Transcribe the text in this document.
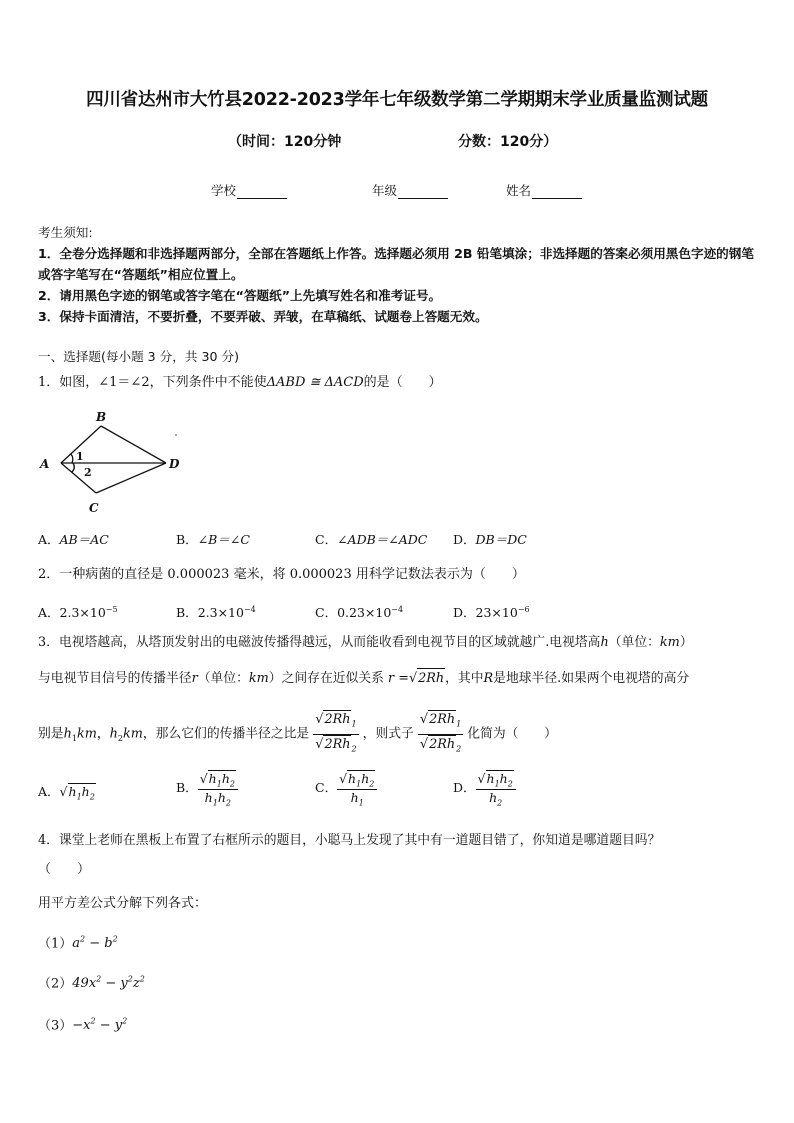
四川省达州市大竹县2022-2023学年七年级数学第二学期期末学业质量监测试题
（时间：120分钟	分数：120分）
学校	年级	姓名
考生须知:
1．全卷分选择题和非选择题两部分，全部在答题纸上作答。选择题必须用 2B 铅笔填涂；非选择题的答案必须用黑色字迹的钢笔或答字笔写在“答题纸”相应位置上。
2．请用黑色字迹的钢笔或答字笔在“答题纸”上先填写姓名和准考证号。
3．保持卡面清洁，不要折叠，不要弄破、弄皱，在草稿纸、试题卷上答题无效。
一、选择题(每小题 3 分，共 30 分)
1．如图，∠1＝∠2，下列条件中不能使ΔABD ≅ ΔACD的是（　　）
B
A	D
C
1
2
A．AB＝AC	B．∠B＝∠C	C．∠ADB＝∠ADC D．DB＝DC
2．一种病菌的直径是 0.000023 毫米，将 0.000023 用科学记数法表示为（　　）
A．$2.3\times 10^{-5}$	B．$2.3\times 10^{-4}$	C．$0.23\times 10^{-4}$	D．$23\times 10^{-6}$
3．电视塔越高，从塔顶发射出的电磁波传播得越远，从而能收看到电视节目的区域就越广.电视塔高h（单位：km）
与电视节目信号的传播半径r（单位：km）之间存在近似关系 r =√2Rh，其中R是地球半径.如果两个电视塔的高分
别是$h_1km$，$h_2km$，那么它们的传播半径之比是 $\frac{√2Rh_1}{√2Rh_2}$ ，则式子 $\frac{√2Rh_1}{√2Rh_2}$ 化简为（　　）
A．$√h_1h_2$
B． $\frac{√h_1h_2}{h_1h_2}$	C． $\frac{√h_1h_2}{h_1}$	D． $\frac{√h_1h_2}{h_2}$
4．课堂上老师在黑板上布置了右框所示的题目，小聪马上发现了其中有一道题目错了，你知道是哪道题目吗？
（　　）
用平方差公式分解下列各式：
$(1)a^2 - b^2$
$(2)49x^2 - y^2z^2$
$(3)-x^2 - y^2$
